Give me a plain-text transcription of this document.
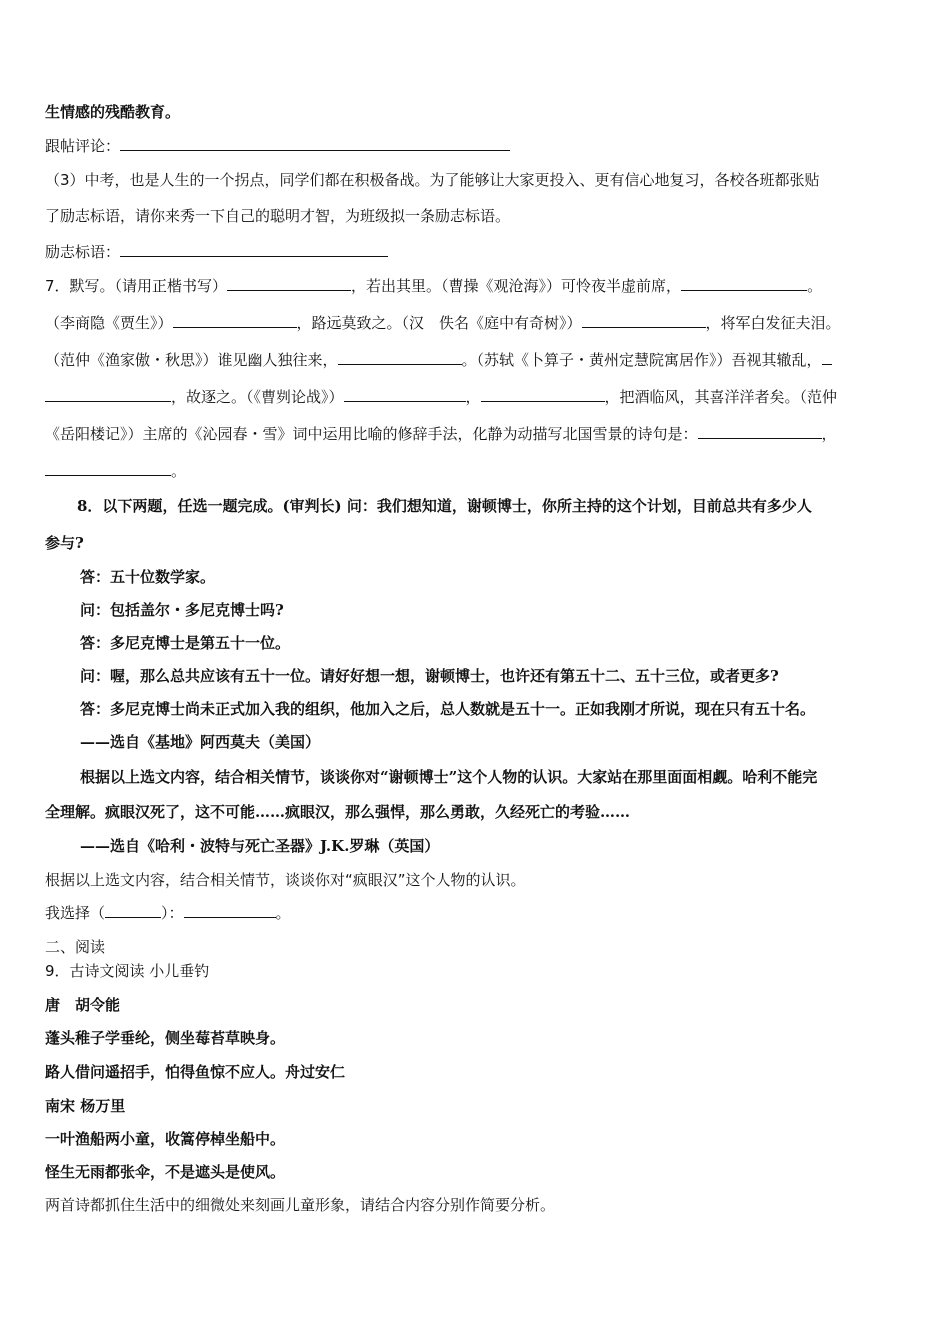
生情感的残酷教育。
跟帖评论：
（3）中考，也是人生的一个拐点，同学们都在积极备战。为了能够让大家更投入、更有信心地复习，各校各班都张贴
了励志标语，请你来秀一下自己的聪明才智，为班级拟一条励志标语。
励志标语：
7．默写。（请用正楷书写）	，若出其里。（曹操《观沧海》）可怜夜半虚前席，	。
（李商隐《贾生》）	，路远莫致之。（汉　佚名《庭中有奇树》）	，将军白发征夫泪。
（范仲《渔家傲・秋思》）谁见幽人独往来，	。（苏轼《卜算子・黄州定慧院寓居作》）吾视其辙乱，
，故逐之。（《曹刿论战》）	，	，把酒临风，其喜洋洋者矣。（范仲
《岳阳楼记》）主席的《沁园春・雪》词中运用比喻的修辞手法，化静为动描写北国雪景的诗句是：	，
。
8．以下两题，任选一题完成。(审判长) 问：我们想知道，谢顿博士，你所主持的这个计划，目前总共有多少人
参与?
答：五十位数学家。
问：包括盖尔・多尼克博士吗?
答：多尼克博士是第五十一位。
问：喔，那么总共应该有五十一位。请好好想一想，谢顿博士，也许还有第五十二、五十三位，或者更多?
答：多尼克博士尚未正式加入我的组织，他加入之后，总人数就是五十一。正如我刚才所说，现在只有五十名。
——选自《基地》阿西莫夫（美国）
根据以上选文内容，结合相关情节，谈谈你对“谢顿博士”这个人物的认识。大家站在那里面面相觑。哈利不能完
全理解。疯眼汉死了，这不可能……疯眼汉，那么强悍，那么勇敢，久经死亡的考验……
——选自《哈利・波特与死亡圣器》J.K.罗琳（英国）
根据以上选文内容，结合相关情节，谈谈你对“疯眼汉”这个人物的认识。
我选择（	）：	。
二、阅读
9．古诗文阅读 小儿垂钓
唐　胡令能
蓬头稚子学垂纶，侧坐莓苔草映身。
路人借问遥招手，怕得鱼惊不应人。舟过安仁
南宋 杨万里
一叶渔船两小童，收篙停棹坐船中。
怪生无雨都张伞，不是遮头是使风。
两首诗都抓住生活中的细微处来刻画儿童形象，请结合内容分别作简要分析。
